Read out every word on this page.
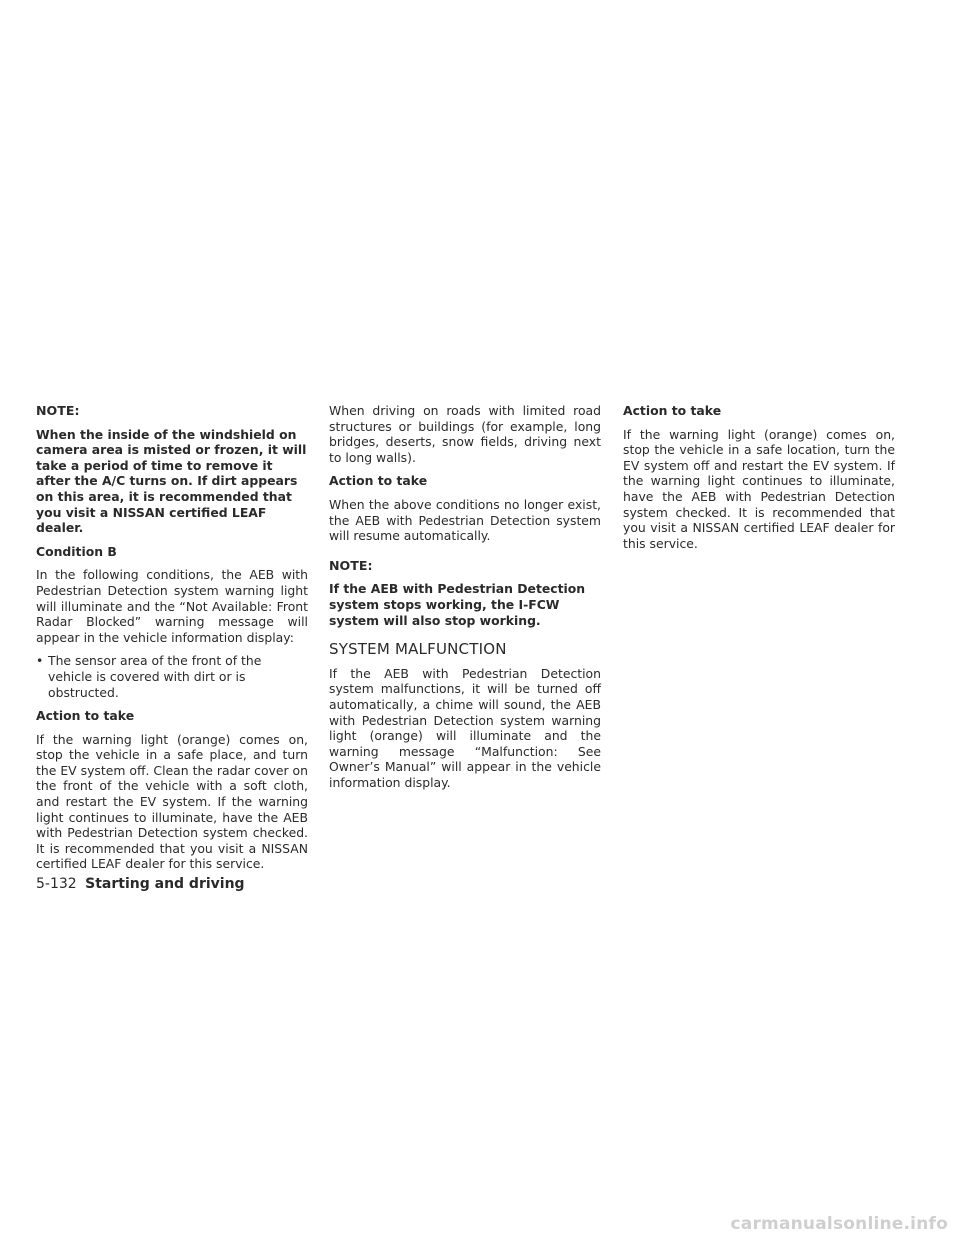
NOTE:

When the inside of the windshield on camera area is misted or frozen, it will take a period of time to remove it after the A/C turns on. If dirt appears on this area, it is recommended that you visit a NISSAN certified LEAF dealer.

Condition B

In the following conditions, the AEB with Pedestrian Detection system warning light will illuminate and the “Not Available: Front Radar Blocked” warning message will appear in the vehicle information display:

• The sensor area of the front of the vehicle is covered with dirt or is obstructed.
Action to take

If the warning light (orange) comes on, stop the vehicle in a safe place, and turn the EV system off. Clean the radar cover on the front of the vehicle with a soft cloth, and restart the EV system. If the warning light continues to illuminate, have the AEB with Pedestrian Detection system checked. It is recommended that you visit a NISSAN certified LEAF dealer for this service.

When driving on roads with limited road structures or buildings (for example, long bridges, deserts, snow fields, driving next to long walls).

Action to take

When the above conditions no longer exist, the AEB with Pedestrian Detection system will resume automatically.

NOTE:

If the AEB with Pedestrian Detection system stops working, the I-FCW system will also stop working.

SYSTEM MALFUNCTION

If the AEB with Pedestrian Detection system malfunctions, it will be turned off automatically, a chime will sound, the AEB with Pedestrian Detection system warning light (orange) will illuminate and the warning message “Malfunction: See Owner’s Manual” will appear in the vehicle information display.

Action to take

If the warning light (orange) comes on, stop the vehicle in a safe location, turn the EV system off and restart the EV system. If the warning light continues to illuminate, have the AEB with Pedestrian Detection system checked. It is recommended that you visit a NISSAN certified LEAF dealer for this service.

5-132 Starting and driving
carmanualsonline.info
